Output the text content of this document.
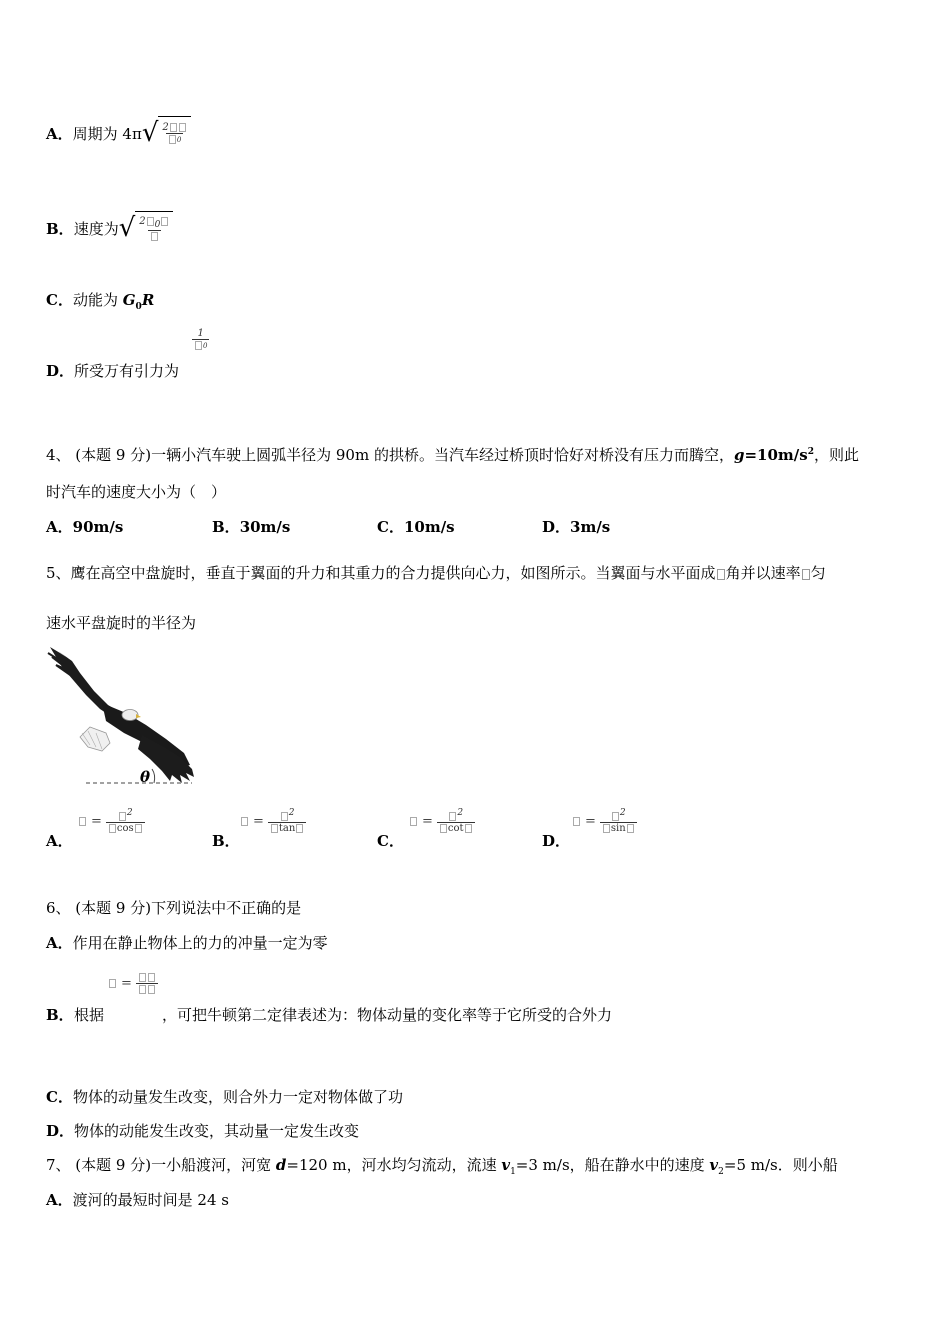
A． 周期为 4π √ $\frac{2}{0}$
B． 速度为 √ 2 $_0$
C．动能为 $G_0R$
$\frac{1}{0}$
D．所受万有引力为
4、 (本题 9 分)一辆小汽车驶上圆弧半径为 90m 的拱桥。当汽车经过桥顶时恰好对桥没有压力而腾空，$g=10m/s^2$，则此
时汽车的速度大小为（　）
A．90m/s	B．30m/s	C．10m/s	D．3m/s
5、鹰在高空中盘旋时，垂直于翼面的升力和其重力的合力提供向心力，如图所示。当翼面与水平面成 角并以速率 匀
速水平盘旋时的半径为
θ
= $\frac{^2}{\cos}$
A．
= $\frac{^2}{\tan}$
B．
= $\frac{^2}{\cot}$
C．
= $\frac{^2}{\sin}$
D．
6、 (本题 9 分)下列说法中不正确的是
A．作用在静止物体上的力的冲量一定为零
=
B． 根据	，可把牛顿第二定律表述为：物体动量的变化率等于它所受的合外力
C．物体的动量发生改变，则合外力一定对物体做了功
D．物体的动能发生改变，其动量一定发生改变
7、 (本题 9 分)一小船渡河，河宽 d=120 m，河水均匀流动，流速 $v_1=3$ m/s，船在静水中的速度 $v_2=5$ m/s．则小船
A．渡河的最短时间是 24 s
